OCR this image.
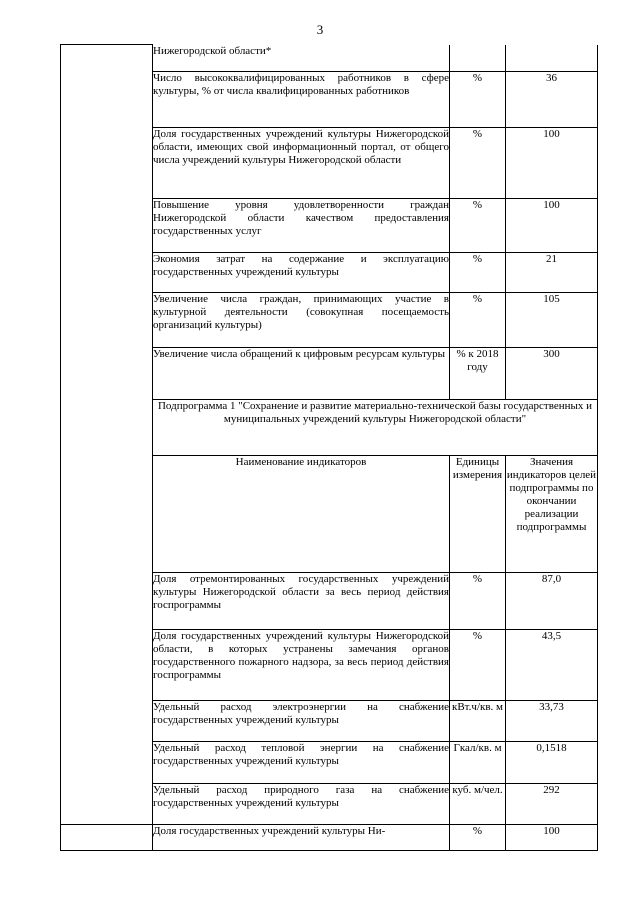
3
	Нижегородской области*		
	Число высококвалифицированных работников в сфере культуры, % от числа квалифицированных работников	%	36
	Доля государственных учреждений культуры Нижегородской области, имеющих свой информационный портал, от общего числа учреждений культуры Нижегородской области	%	100
	Повышение уровня удовлетворенности граждан Нижегородской области качеством предоставления государственных услуг	%	100
	Экономия затрат на содержание и эксплуатацию государственных учреждений культуры	%	21
	Увеличение числа граждан, принимающих участие в культурной деятельности (совокупная посещаемость организаций культуры)	%	105
	Увеличение числа обращений к цифровым ресурсам культуры	% к 2018 году	300
	Подпрограмма 1 "Сохранение и развитие материально-технической базы государственных и муниципальных учреждений культуры Нижегородской области"		
	Наименование индикаторов	Единицы измерения	Значения индикаторов целей подпрограммы по окончании реализации подпрограммы
	Доля отремонтированных государственных учреждений культуры Нижегородской области за весь период действия госпрограммы	%	87,0
	Доля государственных учреждений культуры Нижегородской области, в которых устранены замечания органов государственного пожарного надзора, за весь период действия госпрограммы	%	43,5
	Удельный расход электроэнергии на снабжение государственных учреждений культуры	кВт.ч/кв. м	33,73
	Удельный расход тепловой энергии на снабжение государственных учреждений культуры	Гкал/кв. м	0,1518
	Удельный расход природного газа на снабжение государственных учреждений культуры	куб. м/чел.	292
	Доля государственных учреждений культуры Ни-	%	100
